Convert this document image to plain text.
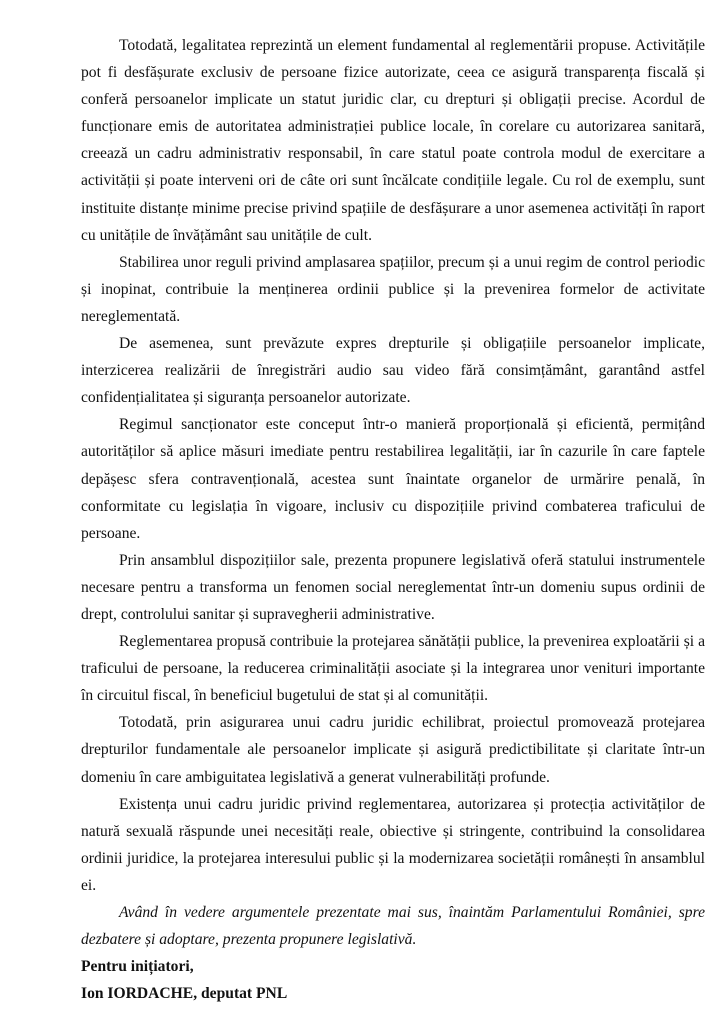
Totodată, legalitatea reprezintă un element fundamental al reglementării propuse. Activitățile pot fi desfășurate exclusiv de persoane fizice autorizate, ceea ce asigură transparența fiscală și conferă persoanelor implicate un statut juridic clar, cu drepturi și obligații precise. Acordul de funcționare emis de autoritatea administrației publice locale, în corelare cu autorizarea sanitară, creează un cadru administrativ responsabil, în care statul poate controla modul de exercitare a activității și poate interveni ori de câte ori sunt încălcate condițiile legale. Cu rol de exemplu, sunt instituite distanțe minime precise privind spațiile de desfășurare a unor asemenea activități în raport cu unitățile de învățământ sau unitățile de cult.

Stabilirea unor reguli privind amplasarea spațiilor, precum și a unui regim de control periodic și inopinat, contribuie la menținerea ordinii publice și la prevenirea formelor de activitate nereglementată.

De asemenea, sunt prevăzute expres drepturile și obligațiile persoanelor implicate, interzicerea realizării de înregistrări audio sau video fără consimțământ, garantând astfel confidențialitatea și siguranța persoanelor autorizate.

Regimul sancționator este conceput într-o manieră proporțională și eficientă, permițând autorităților să aplice măsuri imediate pentru restabilirea legalității, iar în cazurile în care faptele depășesc sfera contravențională, acestea sunt înaintate organelor de urmărire penală, în conformitate cu legislația în vigoare, inclusiv cu dispozițiile privind combaterea traficului de persoane.

Prin ansamblul dispozițiilor sale, prezenta propunere legislativă oferă statului instrumentele necesare pentru a transforma un fenomen social nereglementat într-un domeniu supus ordinii de drept, controlului sanitar și supravegherii administrative.

Reglementarea propusă contribuie la protejarea sănătății publice, la prevenirea exploatării și a traficului de persoane, la reducerea criminalității asociate și la integrarea unor venituri importante în circuitul fiscal, în beneficiul bugetului de stat și al comunității.

Totodată, prin asigurarea unui cadru juridic echilibrat, proiectul promovează protejarea drepturilor fundamentale ale persoanelor implicate și asigură predictibilitate și claritate într-un domeniu în care ambiguitatea legislativă a generat vulnerabilități profunde.

Existența unui cadru juridic privind reglementarea, autorizarea și protecția activităților de natură sexuală răspunde unei necesități reale, obiective și stringente, contribuind la consolidarea ordinii juridice, la protejarea interesului public și la modernizarea societății românești în ansamblul ei.

Având în vedere argumentele prezentate mai sus, înaintăm Parlamentului României, spre dezbatere și adoptare, prezenta propunere legislativă.

Pentru inițiatori,

Ion IORDACHE, deputat PNL
